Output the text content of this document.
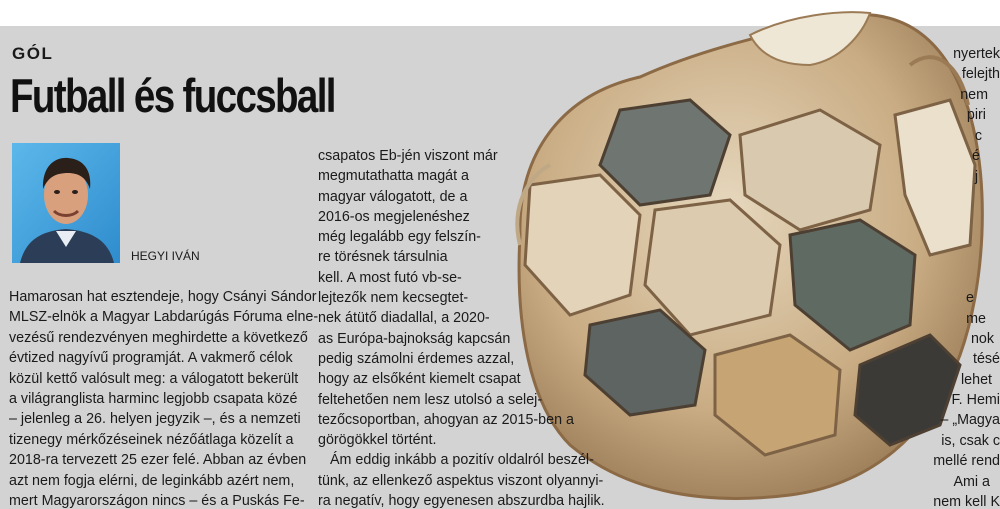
GÓL
Futball és fuccsball
HEGYI IVÁN

Hamarosan hat esztendeje, hogy Csányi Sándor

MLSZ-elnök a Magyar Labdarúgás Fóruma elne-

vezésű rendezvényen meghirdette a következő

évtized nagyívű programját. A vakmerő célok

közül kettő valósult meg: a válogatott bekerült

a világranglista harminc legjobb csapata közé

– jelenleg a 26. helyen jegyzik –, és a nemzeti

tizenegy mérkőzéseinek nézőátlaga közelít a

2018-ra tervezett 25 ezer felé. Abban az évben

azt nem fogja elérni, de leginkább azért nem,

mert Magyarországon nincs – és a Puskás Fe-

csapatos Eb-jén viszont már

megmutathatta magát a

magyar válogatott, de a

2016-os megjelenéshez

még legalább egy felszín-

re törésnek társulnia

kell. A most futó vb-se-

lejtezők nem kecsegtet-

nek átütő diadallal, a 2020-

as Európa-bajnokság kapcsán

pedig számolni érdemes azzal,

hogy az elsőként kiemelt csapat

feltehetően nem lesz utolsó a selej-

tezőcsoportban, ahogyan az 2015-ben a

görögökkel történt.

Ám eddig inkább a pozitív oldalról beszél-

tünk, az ellenkező aspektus viszont olyannyi-

ra negatív, hogy egyenesen abszurdba hajlik.

nyertek
felejth
nem
piri
c
é
j
e
me
nok
tésé
lehet
F. Hemi
– „Magya
is, csak c
mellé rend
Ami a
nem kell K
